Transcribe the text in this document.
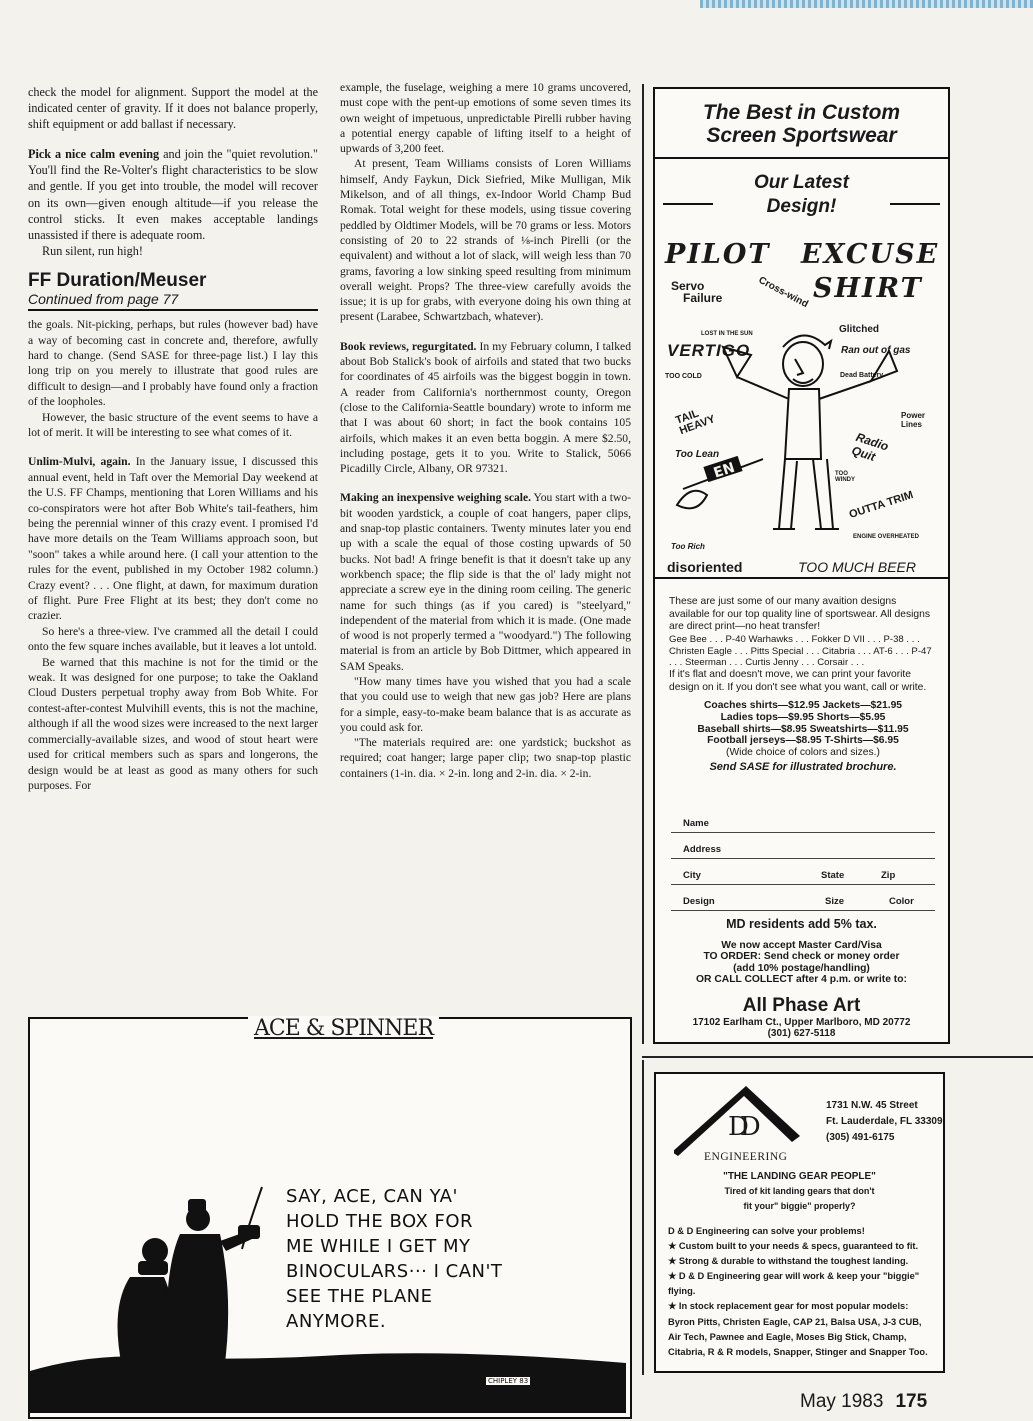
check the model for alignment. Support the model at the indicated center of gravity. If it does not balance properly, shift equipment or add ballast if necessary.

Pick a nice calm evening and join the "quiet revolution." You'll find the Re-Volter's flight characteristics to be slow and gentle. If you get into trouble, the model will recover on its own—given enough altitude—if you release the control sticks. It even makes acceptable landings unassisted if there is adequate room.

Run silent, run high!

FF Duration/Meuser
Continued from page 77

the goals. Nit-picking, perhaps, but rules (however bad) have a way of becoming cast in concrete and, therefore, awfully hard to change. (Send SASE for three-page list.) I lay this long trip on you merely to illustrate that good rules are difficult to design—and I probably have found only a fraction of the loopholes.

However, the basic structure of the event seems to have a lot of merit. It will be interesting to see what comes of it.

Unlim-Mulvi, again. In the January issue, I discussed this annual event, held in Taft over the Memorial Day weekend at the U.S. FF Champs, mentioning that Loren Williams and his co-conspirators were hot after Bob White's tail-feathers, him being the perennial winner of this crazy event. I promised I'd have more details on the Team Williams approach soon, but "soon" takes a while around here. (I call your attention to the rules for the event, published in my October 1982 column.) Crazy event? . . . One flight, at dawn, for maximum duration of flight. Pure Free Flight at its best; they don't come no crazier.

So here's a three-view. I've crammed all the detail I could onto the few square inches available, but it leaves a lot untold.

Be warned that this machine is not for the timid or the weak. It was designed for one purpose; to take the Oakland Cloud Dusters perpetual trophy away from Bob White. For contest-after-contest Mulvihill events, this is not the machine, although if all the wood sizes were increased to the next larger commercially-available sizes, and wood of stout heart were used for critical members such as spars and longerons, the design would be at least as good as many others for such purposes. For

example, the fuselage, weighing a mere 10 grams uncovered, must cope with the pent-up emotions of some seven times its own weight of impetuous, unpredictable Pirelli rubber having a potential energy capable of lifting itself to a height of upwards of 3,200 feet.

At present, Team Williams consists of Loren Williams himself, Andy Faykun, Dick Siefried, Mike Mulligan, Mik Mikelson, and of all things, ex-Indoor World Champ Bud Romak. Total weight for these models, using tissue covering peddled by Oldtimer Models, will be 70 grams or less. Motors consisting of 20 to 22 strands of ⅛-inch Pirelli (or the equivalent) and without a lot of slack, will weigh less than 70 grams, favoring a low sinking speed resulting from minimum overall weight. Props? The three-view carefully avoids the issue; it is up for grabs, with everyone doing his own thing at present (Larabee, Schwartzbach, whatever).

Book reviews, regurgitated. In my February column, I talked about Bob Stalick's book of airfoils and stated that two bucks for coordinates of 45 airfoils was the biggest boggin in town. A reader from California's northernmost county, Oregon (close to the California-Seattle boundary) wrote to inform me that I was about 60 short; in fact the book contains 105 airfoils, which makes it an even betta boggin. A mere $2.50, including postage, gets it to you. Write to Stalick, 5066 Picadilly Circle, Albany, OR 97321.

Making an inexpensive weighing scale. You start with a two-bit wooden yardstick, a couple of coat hangers, paper clips, and snap-top plastic containers. Twenty minutes later you end up with a scale the equal of those costing upwards of 50 bucks. Not bad! A fringe benefit is that it doesn't take up any workbench space; the flip side is that the ol' lady might not appreciate a screw eye in the dining room ceiling. The generic name for such things (as if you cared) is "steelyard," independent of the material from which it is made. (One made of wood is not properly termed a "woodyard.") The following material is from an article by Bob Dittmer, which appeared in SAM Speaks.

"How many times have you wished that you had a scale that you could use to weigh that new gas job? Here are plans for a simple, easy-to-make beam balance that is as accurate as you could ask for.

"The materials required are: one yardstick; buckshot as required; coat hanger; large paper clip; two snap-top plastic containers (1-in. dia. × 2-in. long and 2-in. dia. × 2-in.

The Best in Custom
Screen Sportswear
Our Latest
Design!
PILOT EXCUSE
SHIRT
Servo
Failure	Cross-wind
LOST IN THE SUN	Glitched
VERTIGO	Ran out of gas
TOO COLD	Dead Battery
TAIL HEAVY	Power Lines
Radio Quit
Too Lean
TOO WINDY
OUTTA TRIM
ENGINE OVERHEATED
Too Rich
disoriented	TOO MUCH BEER
EN
These are just some of our many avaition designs available for our top quality line of sportswear. All designs are direct print—no heat transfer!
Gee Bee . . . P-40 Warhawks . . . Fokker D VII . . . P-38 . . . Christen Eagle . . . Pitts Special . . . Citabria . . . AT-6 . . . P-47 . . . Steerman . . . Curtis Jenny . . . Corsair . . .
If it's flat and doesn't move, we can print your favorite design on it. If you don't see what you want, call or write.
Coaches shirts—$12.95 Jackets—$21.95
Ladies tops—$9.95 Shorts—$5.95
Baseball shirts—$8.95 Sweatshirts—$11.95
Football jerseys—$8.95 T-Shirts—$6.95
(Wide choice of colors and sizes.)
Send SASE for illustrated brochure.
Name
Address
City	State	Zip
Design	Size	Color
MD residents add 5% tax.
We now accept Master Card/Visa
TO ORDER: Send check or money order
(add 10% postage/handling)
OR CALL COLLECT after 4 p.m. or write to:
All Phase Art
17102 Earlham Ct., Upper Marlboro, MD 20772
(301) 627-5118
DD
1731 N.W. 45 Street
Ft. Lauderdale, FL 33309
(305) 491-6175
ENGINEERING
"THE LANDING GEAR PEOPLE"
Tired of kit landing gears that don't
fit your" biggie" properly?
D & D Engineering can solve your problems!
★ Custom built to your needs & specs, guaranteed to fit.
★ Strong & durable to withstand the toughest landing.
★ D & D Engineering gear will work & keep your "biggie" flying.
★ In stock replacement gear for most popular models: Byron Pitts, Christen Eagle, CAP 21, Balsa USA, J-3 CUB, Air Tech, Pawnee and Eagle, Moses Big Stick, Champ, Citabria, R & R models, Snapper, Stinger and Snapper Too.
ACE & SPINNER
SAY, ACE, CAN YA'
HOLD THE BOX FOR
ME WHILE I GET MY
BINOCULARS··· I CAN'T
SEE THE PLANE
ANYMORE.
CHIPLEY 83
May 1983 175
